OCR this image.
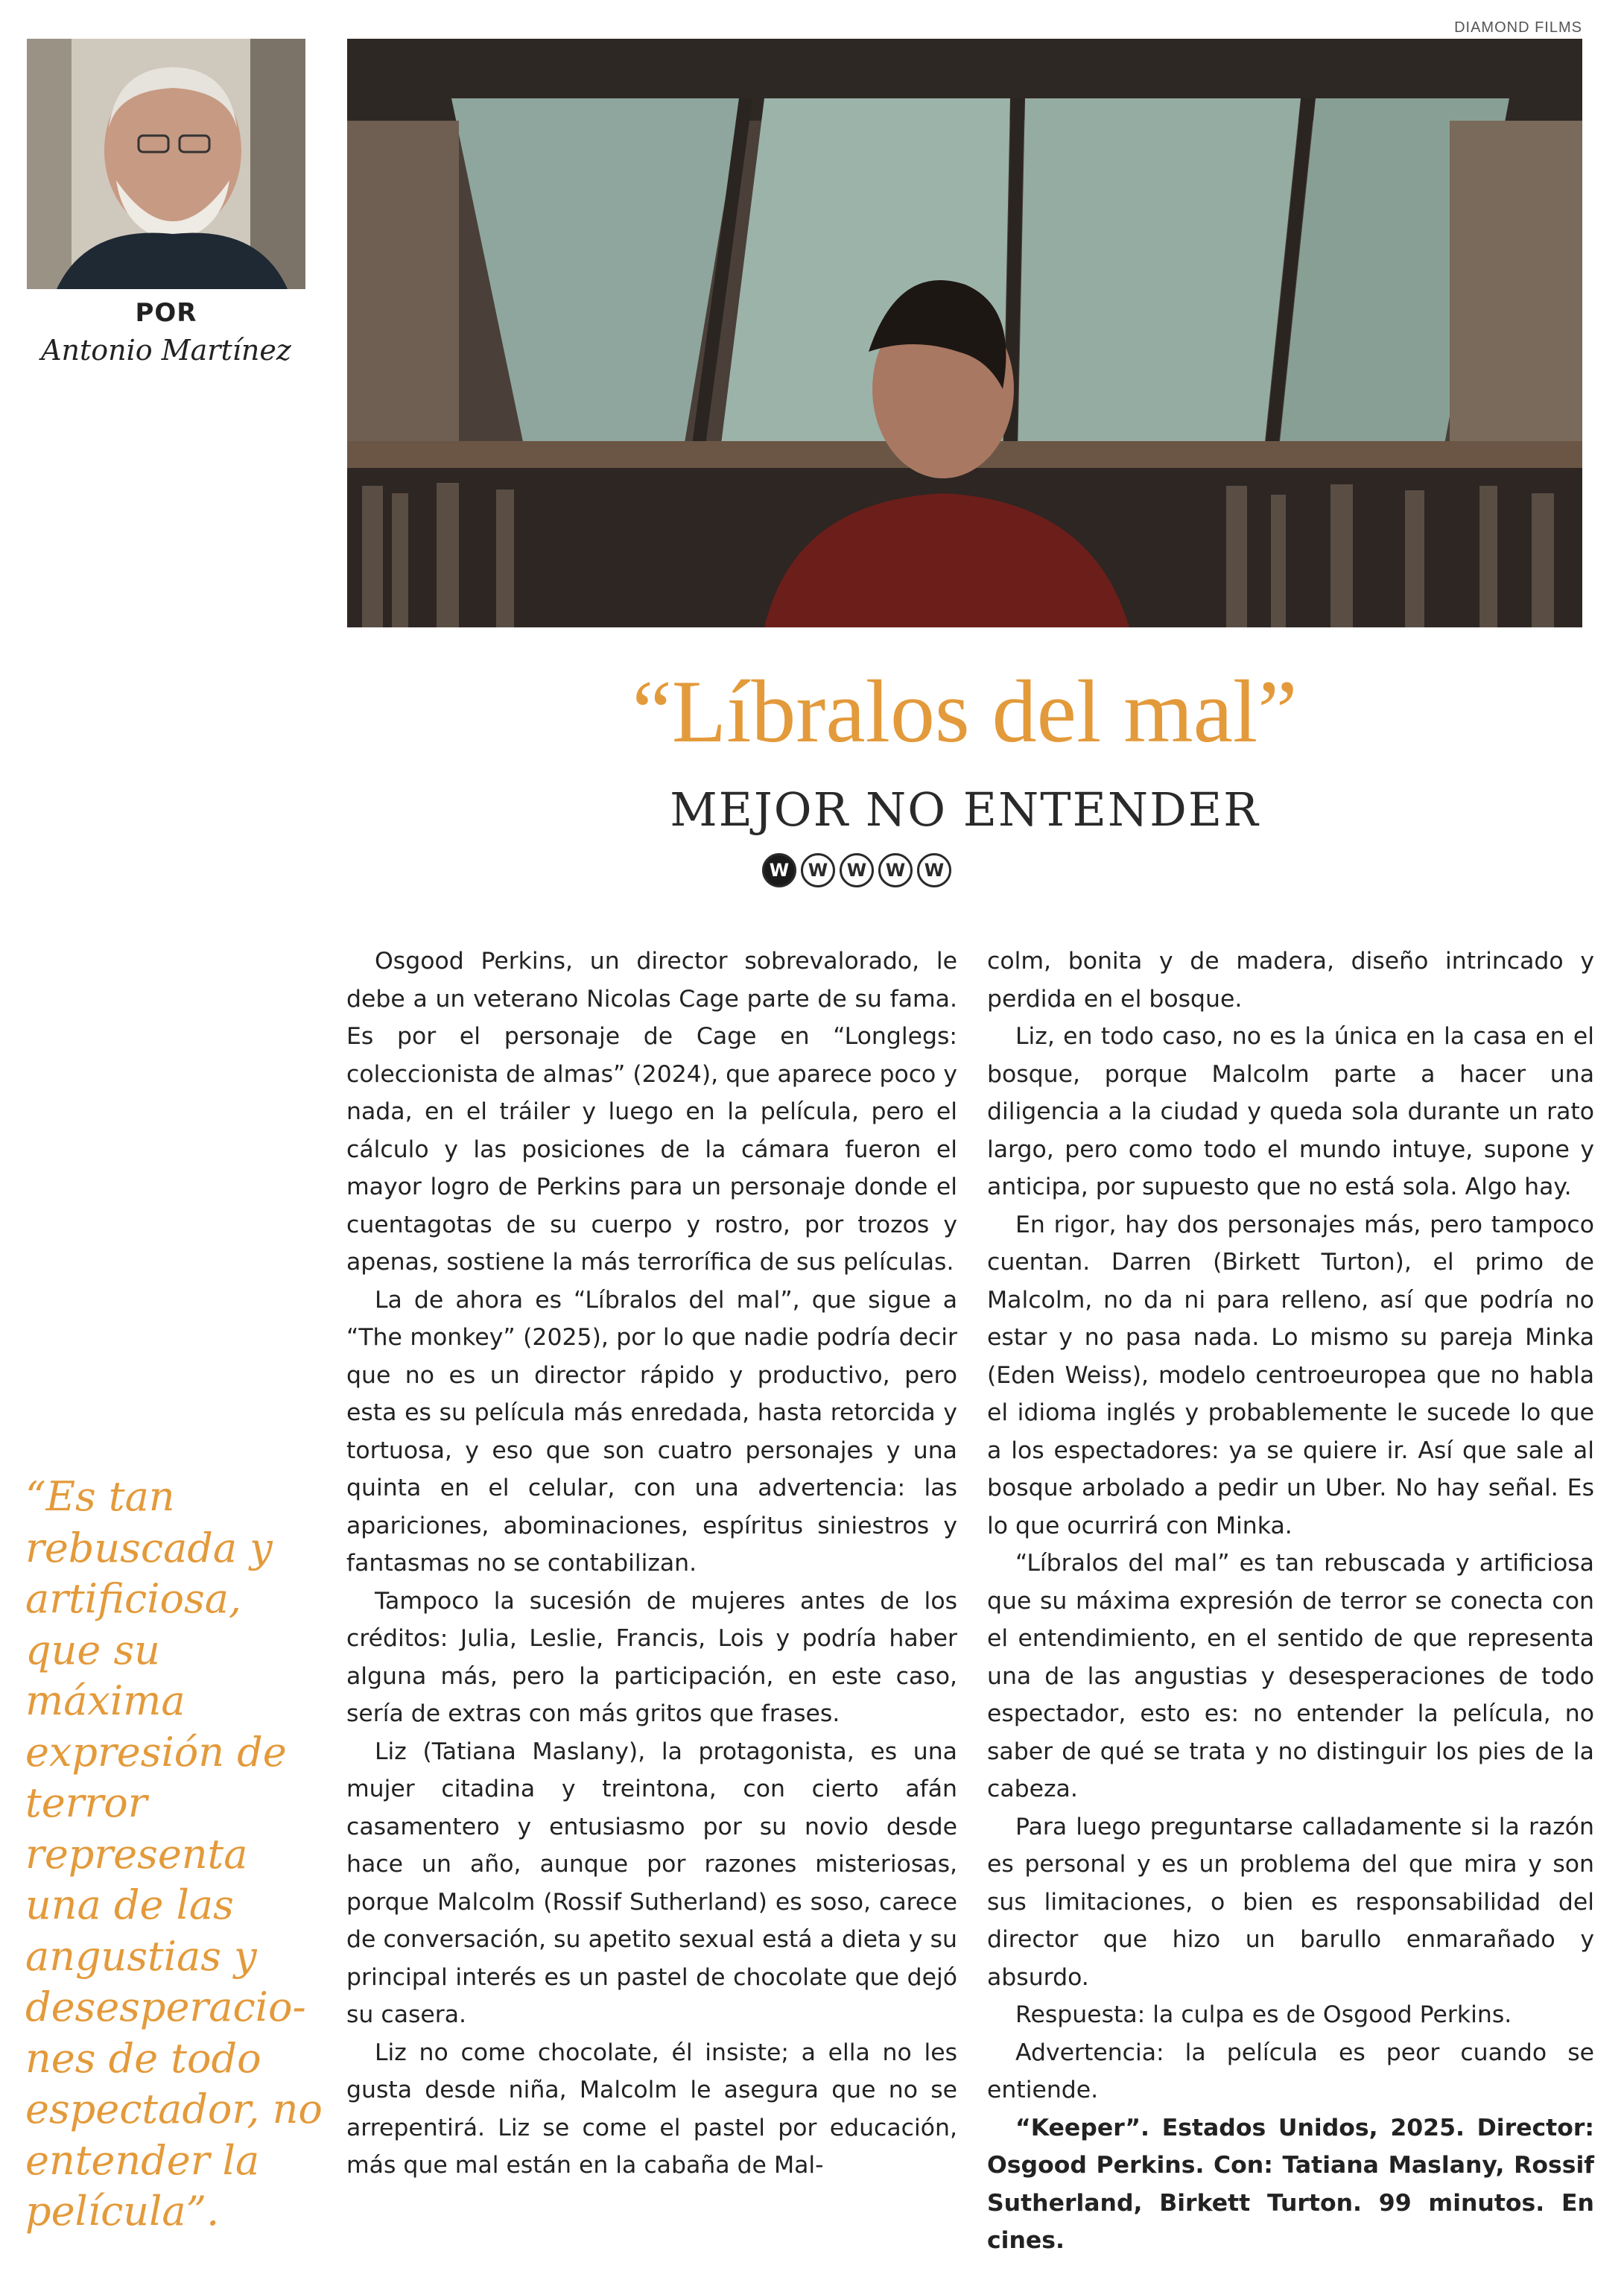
POR
Antonio Martínez
DIAMOND FILMS
“Líbralos del mal”
MEJOR NO ENTENDER
W	W	W	W	W

Osgood Perkins, un director sobrevalorado, le debe a un veterano Nicolas Cage parte de su fama. Es por el personaje de Cage en “Longlegs: coleccionista de almas” (2024), que aparece poco y nada, en el tráiler y luego en la película, pero el cálculo y las posiciones de la cámara fueron el mayor logro de Perkins para un personaje donde el cuentagotas de su cuerpo y rostro, por trozos y apenas, sostiene la más terrorífica de sus películas.

La de ahora es “Líbralos del mal”, que sigue a “The monkey” (2025), por lo que nadie podría decir que no es un director rápido y productivo, pero esta es su película más enredada, hasta retorcida y tortuosa, y eso que son cuatro personajes y una quinta en el celular, con una advertencia: las apariciones, abominaciones, espíritus siniestros y fantasmas no se contabilizan.

Tampoco la sucesión de mujeres antes de los créditos: Julia, Leslie, Francis, Lois y podría haber alguna más, pero la participación, en este caso, sería de extras con más gritos que frases.

Liz (Tatiana Maslany), la protagonista, es una mujer citadina y treintona, con cierto afán casamentero y entusiasmo por su novio desde hace un año, aunque por razones misteriosas, porque Malcolm (Rossif Sutherland) es soso, carece de conversación, su apetito sexual está a dieta y su principal interés es un pastel de chocolate que dejó su casera.

Liz no come chocolate, él insiste; a ella no les gusta desde niña, Malcolm le asegura que no se arrepentirá. Liz se come el pastel por educación, más que mal están en la cabaña de Mal-

colm, bonita y de madera, diseño intrincado y perdida en el bosque.

Liz, en todo caso, no es la única en la casa en el bosque, porque Malcolm parte a hacer una diligencia a la ciudad y queda sola durante un rato largo, pero como todo el mundo intuye, supone y anticipa, por supuesto que no está sola. Algo hay.

En rigor, hay dos personajes más, pero tampoco cuentan. Darren (Birkett Turton), el primo de Malcolm, no da ni para relleno, así que podría no estar y no pasa nada. Lo mismo su pareja Minka (Eden Weiss), modelo centroeuropea que no habla el idioma inglés y probablemente le sucede lo que a los espectadores: ya se quiere ir. Así que sale al bosque arbolado a pedir un Uber. No hay señal. Es lo que ocurrirá con Minka.

“Líbralos del mal” es tan rebuscada y artificiosa que su máxima expresión de terror se conecta con el entendimiento, en el sentido de que representa una de las angustias y desesperaciones de todo espectador, esto es: no entender la película, no saber de qué se trata y no distinguir los pies de la cabeza.

Para luego preguntarse calladamente si la razón es personal y es un problema del que mira y son sus limitaciones, o bien es responsabilidad del director que hizo un barullo enmarañado y absurdo.

Respuesta: la culpa es de Osgood Perkins.

Advertencia: la película es peor cuando se entiende.

“Keeper”. Estados Unidos, 2025. Director: Osgood Perkins. Con: Tatiana Maslany, Rossif Sutherland, Birkett Turton. 99 minutos. En cines.

“Es tan rebuscada y artificiosa, que su máxima expresión de terror representa una de las angustias y desesperacio-nes de todo espectador, no entender la película”.
